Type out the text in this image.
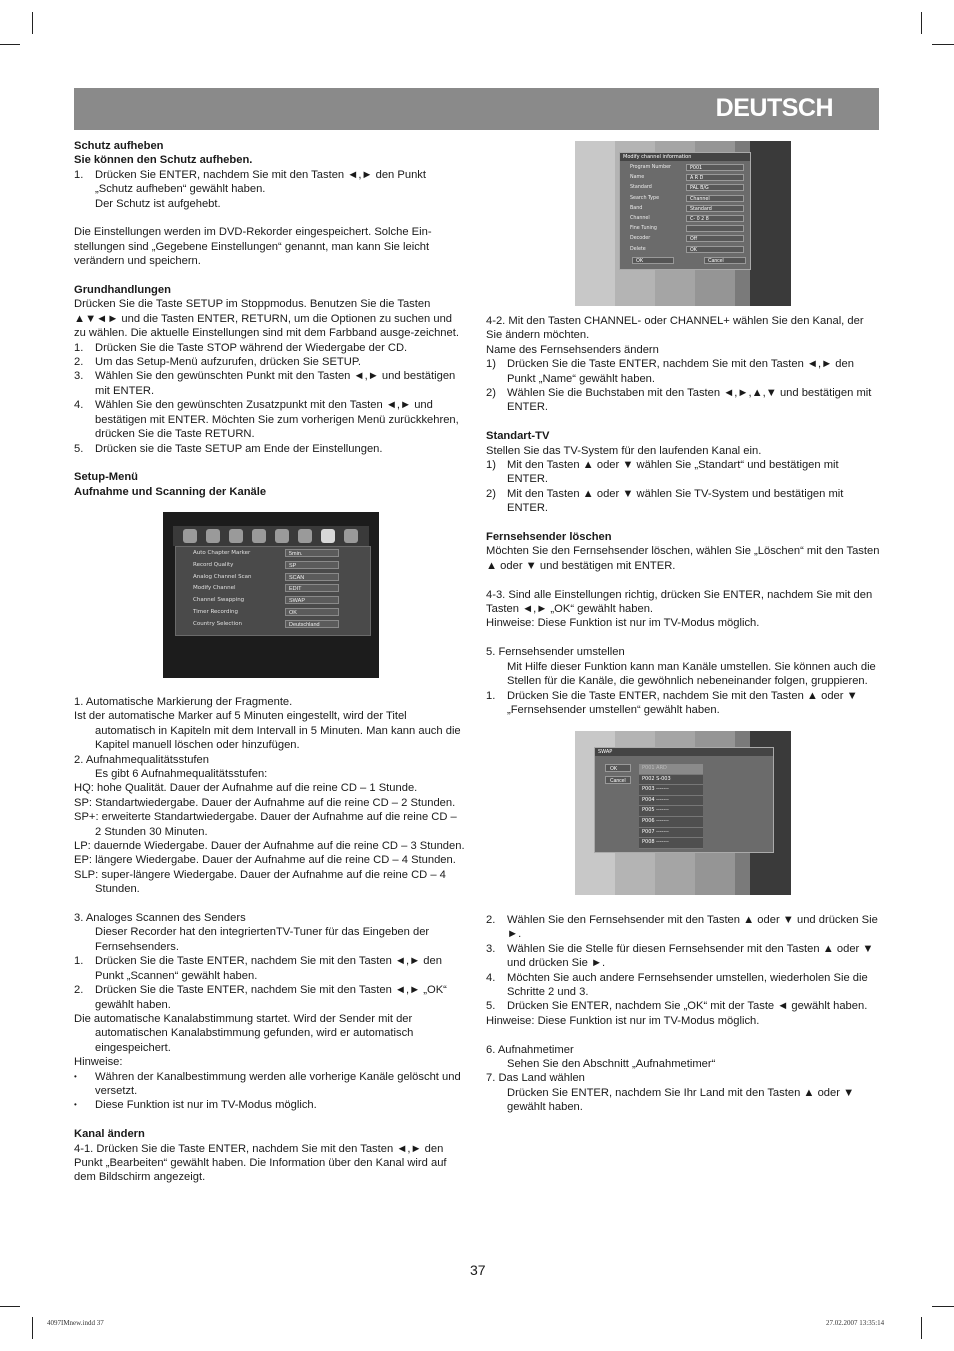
DEUTSCH

Schutz aufheben

Sie können den Schutz aufheben.

1.	Drücken Sie ENTER, nachdem Sie mit den Tasten ◄,► den Punkt „Schutz aufheben“ gewählt haben.

Der Schutz ist aufgehebt.

Die Einstellungen werden im DVD-Rekorder eingespeichert. Solche Ein-stellungen sind „Gegebene Einstellungen“ genannt, man kann Sie leicht verändern und speichern.

Grundhandlungen

Drücken Sie die Taste SETUP im Stoppmodus. Benutzen Sie die Tasten ▲▼◄► und die Tasten ENTER, RETURN, um die Optionen zu suchen und zu wählen. Die aktuelle Einstellungen sind mit dem Farbband ausge-zeichnet.

1.	Drücken Sie die Taste STOP während der Wiedergabe der CD.
2.	Um das Setup-Menü aufzurufen, drücken Sie SETUP.
3.	Wählen Sie den gewünschten Punkt mit den Tasten ◄,► und bestätigen mit ENTER.
4.	Wählen Sie den gewünschten Zusatzpunkt mit den Tasten ◄,► und bestätigen mit ENTER. Möchten Sie zum vorherigen Menü zurückkehren, drücken Sie die Taste RETURN.
5.	Drücken sie die Taste SETUP am Ende der Einstellungen.

Setup-Menü

Aufnahme und Scanning der Kanäle

Auto Chapter Marker	5min.
Record Quality	SP
Analog Channel Scan	SCAN
Modify Channel	EDIT
Channel Swapping	SWAP
Timer Recording	OK
Country Selection	Deutschland

1. Automatische Markierung der Fragmente.

Ist der automatische Marker auf 5 Minuten eingestellt, wird der Titel automatisch in Kapiteln mit dem Intervall in 5 Minuten. Man kann auch die Kapitel manuell löschen oder hinzufügen.

2. Aufnahmequalitätsstufen

Es gibt 6 Aufnahmequalitätsstufen:

HQ: hohe Qualität. Dauer der Aufnahme auf die reine CD – 1 Stunde.

SP: Standartwiedergabe. Dauer der Aufnahme auf die reine CD – 2 Stunden.

SP+: erweiterte Standartwiedergabe. Dauer der Aufnahme auf die reine CD – 2 Stunden 30 Minuten.

LP: dauernde Wiedergabe. Dauer der Aufnahme auf die reine CD – 3 Stunden.

EP: längere Wiedergabe. Dauer der Aufnahme auf die reine CD – 4 Stunden.

SLP: super-längere Wiedergabe. Dauer der Aufnahme auf die reine CD – 4 Stunden.

3. Analoges Scannen des Senders

Dieser Recorder hat den integriertenTV-Tuner für das Eingeben der Fernsehsenders.

1.	Drücken Sie die Taste ENTER, nachdem Sie mit den Tasten ◄,► den Punkt „Scannen“ gewählt haben.
2.	Drücken Sie die Taste ENTER, nachdem Sie mit den Tasten ◄,► „OK“ gewählt haben.

Die automatische Kanalabstimmung startet. Wird der Sender mit der automatischen Kanalabstimmung gefunden, wird er automatisch eingespeichert.

Hinweise:

•	Währen der Kanalbestimmung werden alle vorherige Kanäle gelöscht und versetzt.
•	Diese Funktion ist nur im TV-Modus möglich.

Kanal ändern

4-1. Drücken Sie die Taste ENTER, nachdem Sie mit den Tasten ◄,► den Punkt „Bearbeiten“ gewählt haben. Die Information über den Kanal wird auf dem Bildschirm angezeigt.

Modify channel information
Program Number	P001
Name	A R D
Standard	PAL B/G
Search Type	Channel
Band	Standard
Channel	C- 0 2 8
Fine Tuning
Decoder	Off
Delete	OK
OK	Cancel

4-2. Mit den Tasten CHANNEL- oder CHANNEL+ wählen Sie den Kanal, der Sie ändern möchten.

Name des Fernsehsenders ändern

1) Drücken Sie die Taste ENTER, nachdem Sie mit den Tasten ◄,► den Punkt „Name“ gewählt haben.
2) Wählen Sie die Buchstaben mit den Tasten ◄,►,▲,▼ und bestätigen mit ENTER.

Standart-TV

Stellen Sie das TV-System für den laufenden Kanal ein.

1) Mit den Tasten ▲ oder ▼ wählen Sie „Standart“ und bestätigen mit ENTER.
2) Mit den Tasten ▲ oder ▼ wählen Sie TV-System und bestätigen mit ENTER.

Fernsehsender löschen

Möchten Sie den Fernsehsender löschen, wählen Sie „Löschen“ mit den Tasten ▲ oder ▼ und bestätigen mit ENTER.

4-3. Sind alle Einstellungen richtig, drücken Sie ENTER, nachdem Sie mit den Tasten ◄,► „OK“ gewählt haben.

Hinweise: Diese Funktion ist nur im TV-Modus möglich.

5. Fernsehsender umstellen

Mit Hilfe dieser Funktion kann man Kanäle umstellen. Sie können auch die Stellen für die Kanäle, die gewöhnlich nebeneinander folgen, gruppieren.

1.	Drücken Sie die Taste ENTER, nachdem Sie mit den Tasten ▲ oder ▼ „Fernsehsender umstellen“ gewählt haben.
SWAP
OK
Cancel
P001 ARD
P002 S-003
P003 -------
P004 -------
P005 -------
P006 -------
P007 -------
P008 -------
2.	Wählen Sie den Fernsehsender mit den Tasten ▲ oder ▼ und drücken Sie ►.
3.	Wählen Sie die Stelle für diesen Fernsehsender mit den Tasten ▲ oder ▼ und drücken Sie ►.
4.	Möchten Sie auch andere Fernsehsender umstellen, wiederholen Sie die Schritte 2 und 3.
5.	Drücken Sie ENTER, nachdem Sie „OK“ mit der Taste ◄ gewählt haben.

Hinweise: Diese Funktion ist nur im TV-Modus möglich.

6. Aufnahmetimer

Sehen Sie den Abschnitt „Aufnahmetimer“

7. Das Land wählen

Drücken Sie ENTER, nachdem Sie Ihr Land mit den Tasten ▲ oder ▼ gewählt haben.

37
4097IMnew.indd 37	27.02.2007 13:35:14
